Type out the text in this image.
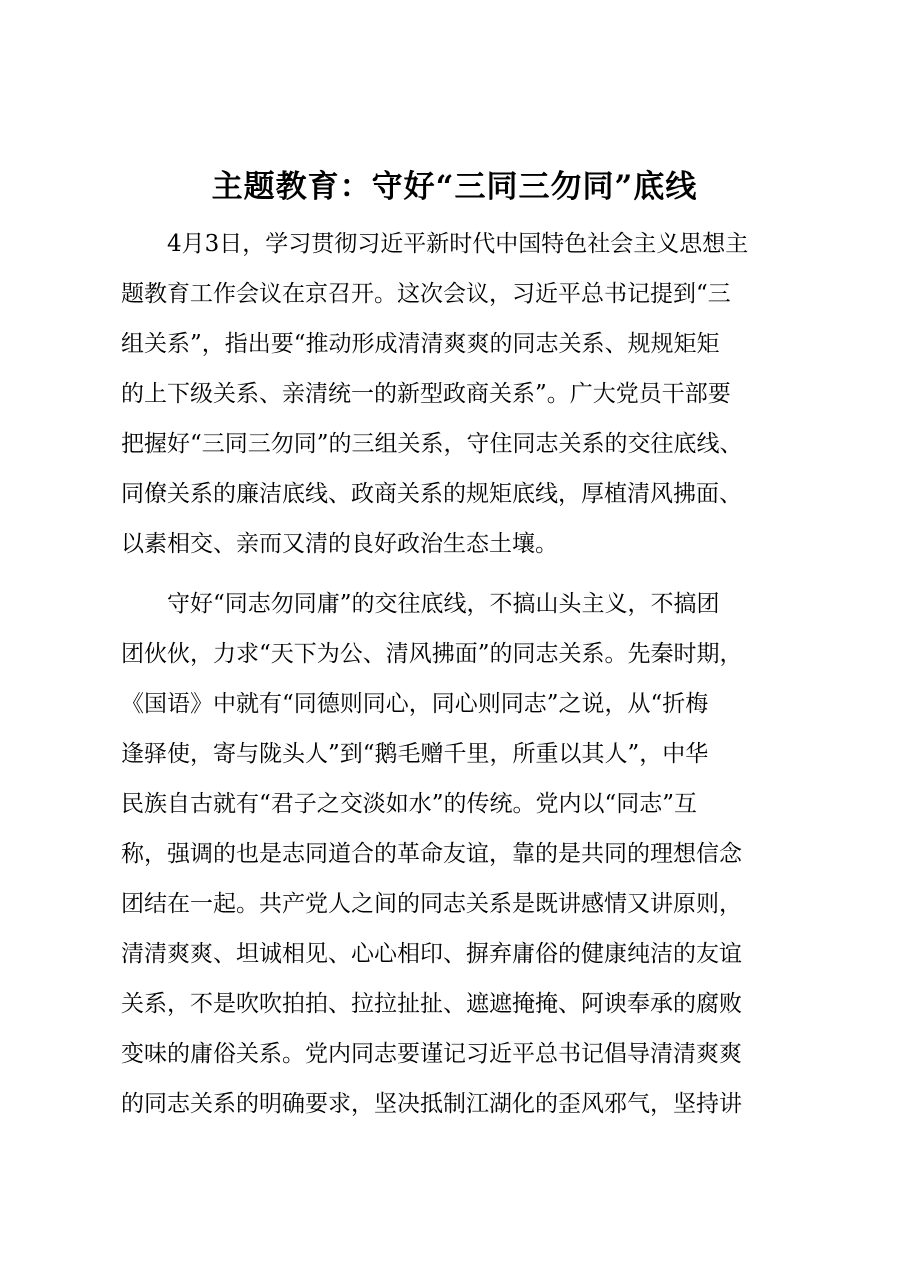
主题教育：守好“三同三勿同”底线
4月3日，学习贯彻习近平新时代中国特色社会主义思想主
题教育工作会议在京召开。这次会议，习近平总书记提到“三
组关系”，指出要“推动形成清清爽爽的同志关系、规规矩矩
的上下级关系、亲清统一的新型政商关系”。广大党员干部要
把握好“三同三勿同”的三组关系，守住同志关系的交往底线、
同僚关系的廉洁底线、政商关系的规矩底线，厚植清风拂面、
以素相交、亲而又清的良好政治生态土壤。
守好“同志勿同庸”的交往底线，不搞山头主义，不搞团
团伙伙，力求“天下为公、清风拂面”的同志关系。先秦时期，
《国语》中就有“同德则同心，同心则同志”之说，从“折梅
逢驿使，寄与陇头人”到“鹅毛赠千里，所重以其人”，中华
民族自古就有“君子之交淡如水”的传统。党内以“同志”互
称，强调的也是志同道合的革命友谊，靠的是共同的理想信念
团结在一起。共产党人之间的同志关系是既讲感情又讲原则，
清清爽爽、坦诚相见、心心相印、摒弃庸俗的健康纯洁的友谊
关系，不是吹吹拍拍、拉拉扯扯、遮遮掩掩、阿谀奉承的腐败
变味的庸俗关系。党内同志要谨记习近平总书记倡导清清爽爽
的同志关系的明确要求，坚决抵制江湖化的歪风邪气，坚持讲
